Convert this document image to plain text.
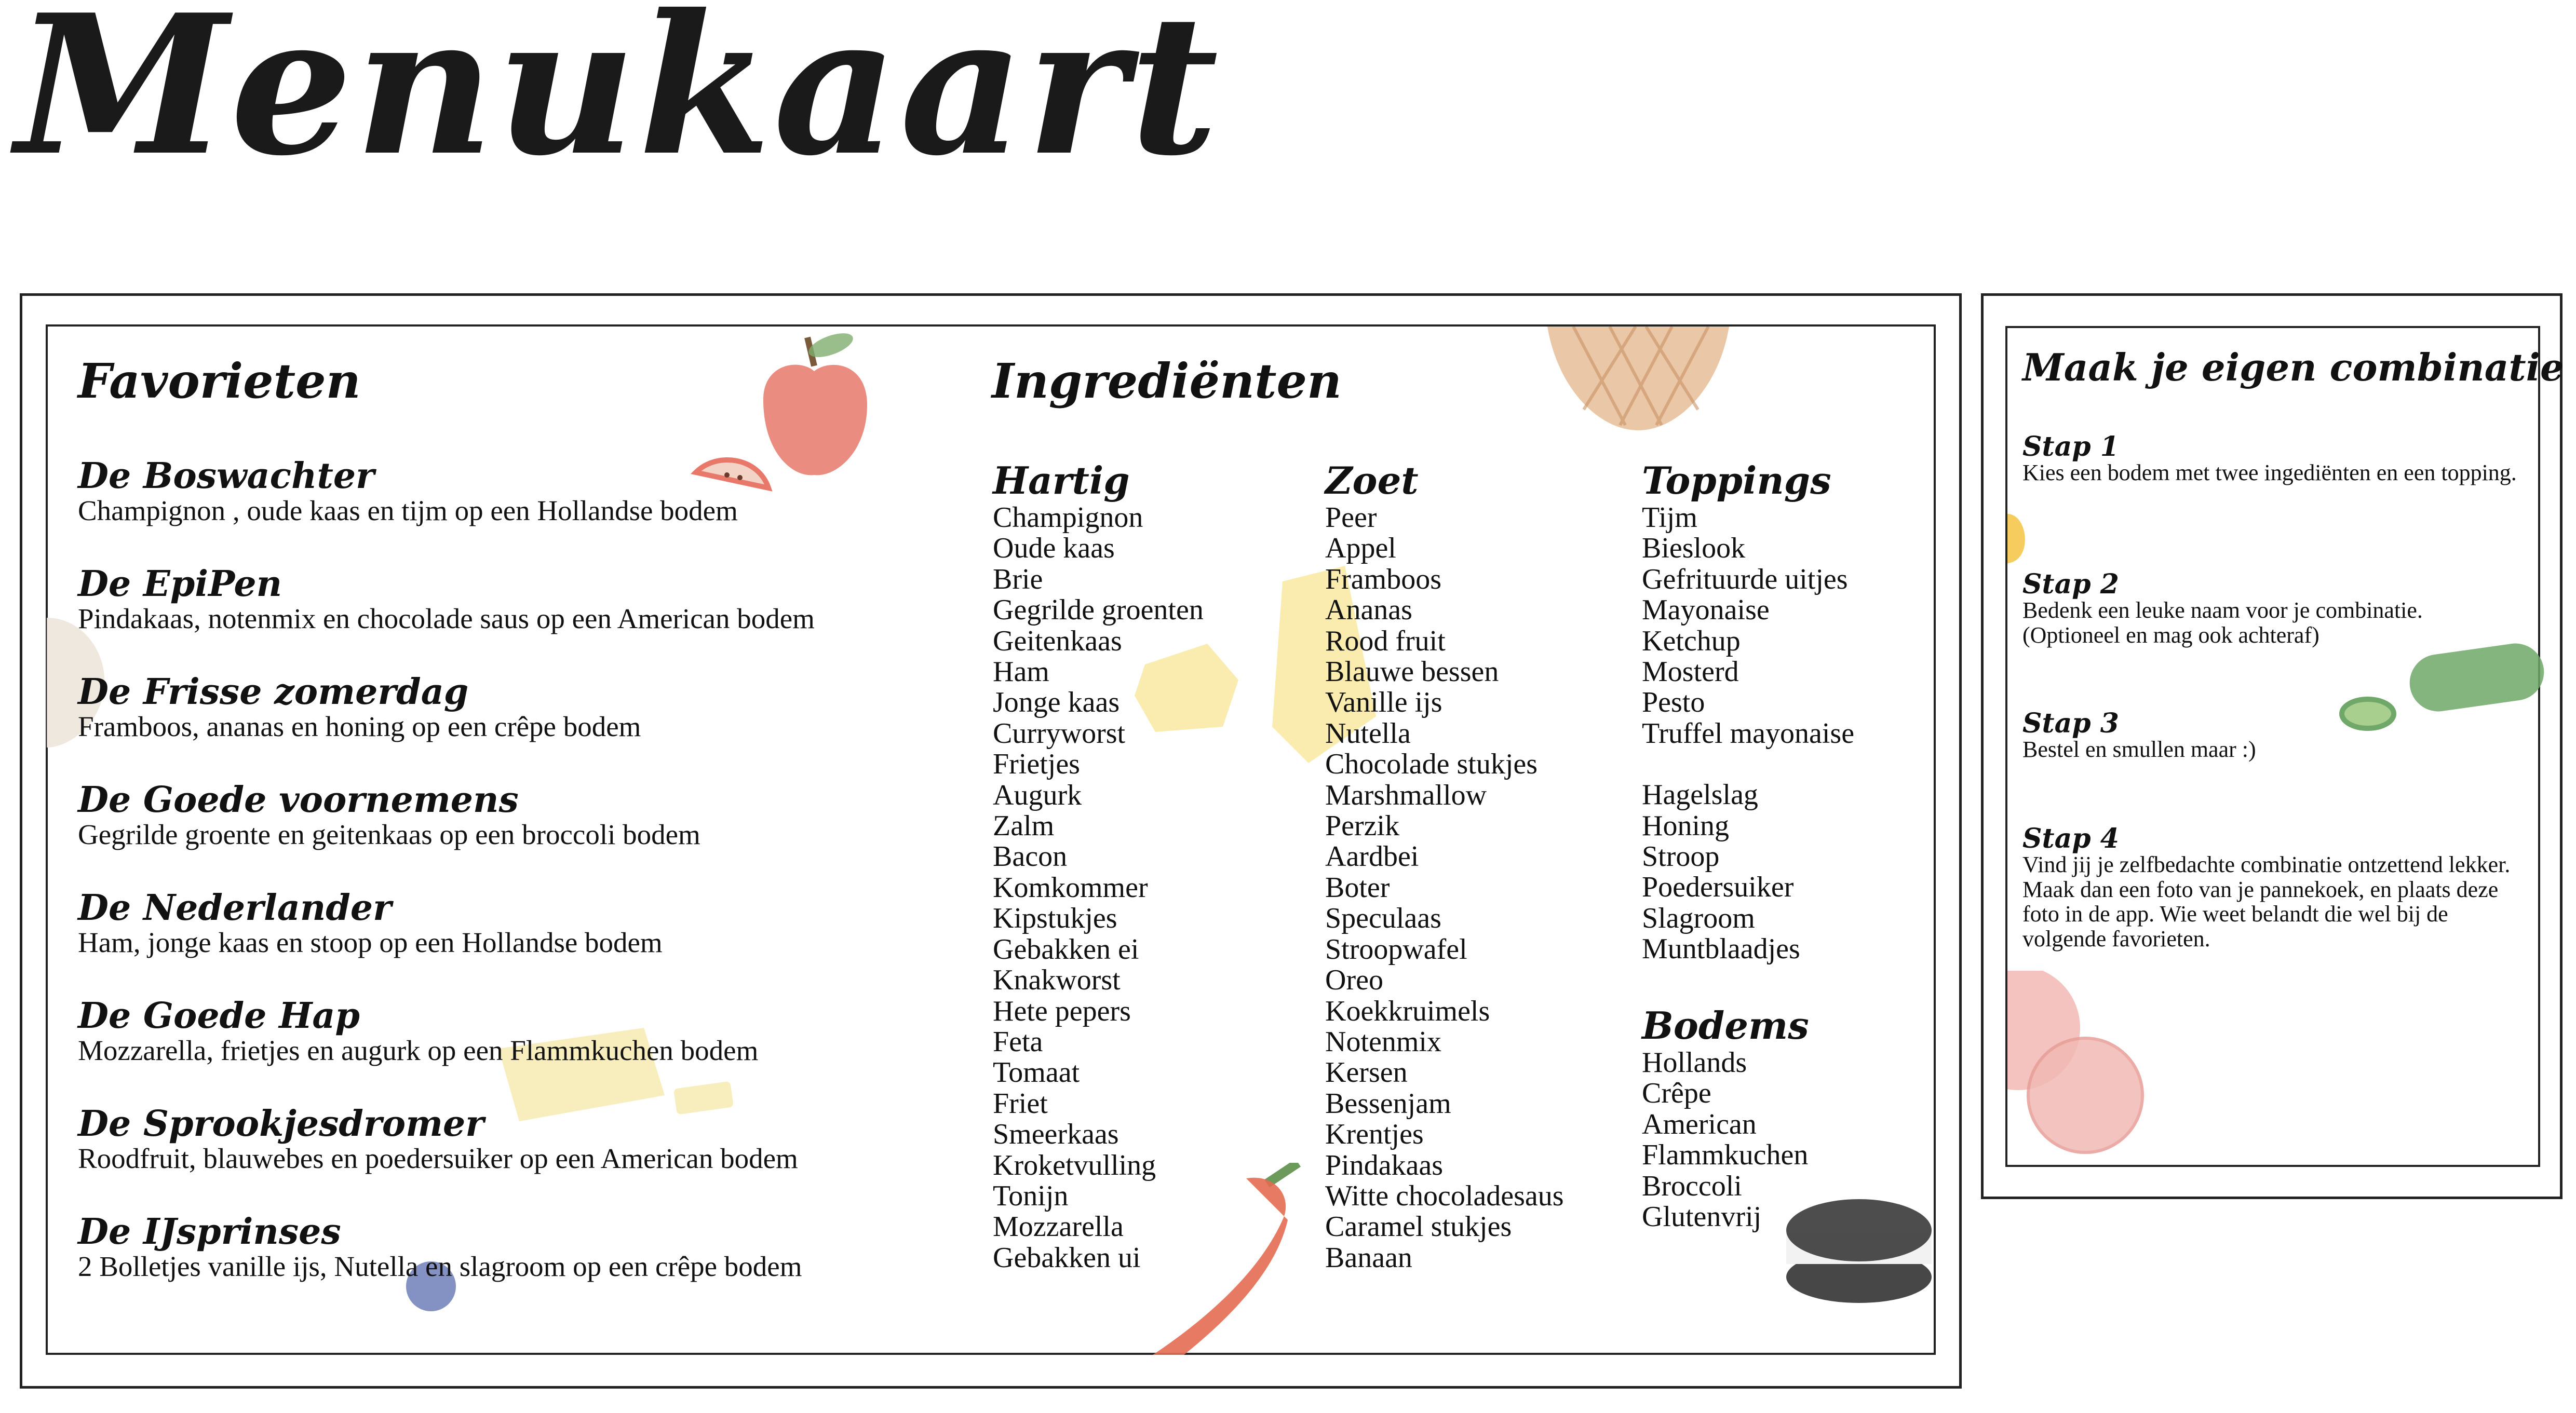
Menukaart
Favorieten
De Boswachter
Champignon , oude kaas en tijm op een Hollandse bodem
De EpiPen
Pindakaas, notenmix en chocolade saus op een American bodem
De Frisse zomerdag
Framboos, ananas en honing op een crêpe bodem
De Goede voornemens
Gegrilde groente en geitenkaas op een broccoli bodem
De Nederlander
Ham, jonge kaas en stoop op een Hollandse bodem
De Goede Hap
Mozzarella, frietjes en augurk op een Flammkuchen bodem
De Sprookjesdromer
Roodfruit, blauwebes en poedersuiker op een American bodem
De IJsprinses
2 Bolletjes vanille ijs, Nutella en slagroom op een crêpe bodem
Ingrediënten
Hartig
Champignon
Oude kaas
Brie
Gegrilde groenten
Geitenkaas
Ham
Jonge kaas
Curryworst
Frietjes
Augurk
Zalm
Bacon
Komkommer
Kipstukjes
Gebakken ei
Knakworst
Hete pepers
Feta
Tomaat
Friet
Smeerkaas
Kroketvulling
Tonijn
Mozzarella
Gebakken ui
Zoet
Peer
Appel
Framboos
Ananas
Rood fruit
Blauwe bessen
Vanille ijs
Nutella
Chocolade stukjes
Marshmallow
Perzik
Aardbei
Boter
Speculaas
Stroopwafel
Oreo
Koekkruimels
Notenmix
Kersen
Bessenjam
Krentjes
Pindakaas
Witte chocoladesaus
Caramel stukjes
Banaan
Toppings
Tijm
Bieslook
Gefrituurde uitjes
Mayonaise
Ketchup
Mosterd
Pesto
Truffel mayonaise
Hagelslag
Honing
Stroop
Poedersuiker
Slagroom
Muntblaadjes
Bodems
Hollands
Crêpe
American
Flammkuchen
Broccoli
Glutenvrij
Maak je eigen combinatie
Stap 1
Kies een bodem met twee ingediënten en een topping.
Stap 2
Bedenk een leuke naam voor je combinatie. (Optioneel en mag ook achteraf)
Stap 3
Bestel en smullen maar :)
Stap 4
Vind jij je zelfbedachte combinatie ontzettend lekker. Maak dan een foto van je pannekoek, en plaats deze foto in de app. Wie weet belandt die wel bij de volgende favorieten.
